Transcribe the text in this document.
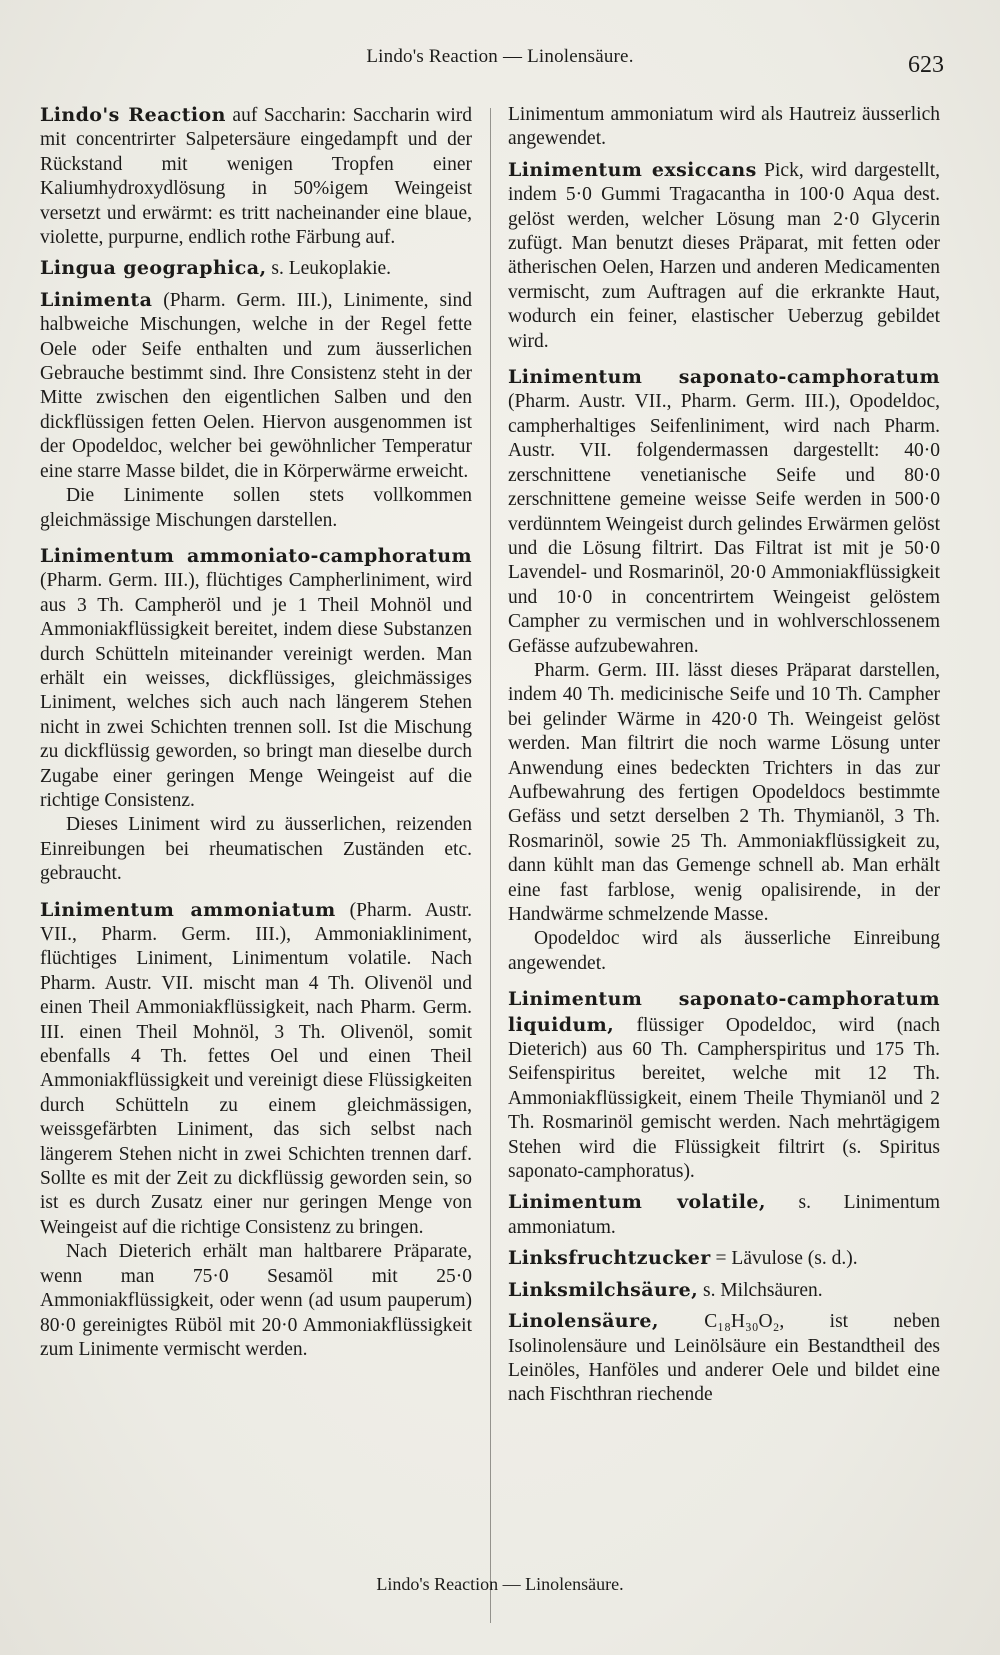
Lindo's Reaction — Linolensäure.	623

Lindo's Reaction auf Saccharin: Saccharin wird mit concentrirter Salpetersäure eingedampft und der Rückstand mit wenigen Tropfen einer Kaliumhydroxydlösung in 50%igem Weingeist versetzt und erwärmt: es tritt nacheinander eine blaue, violette, purpurne, endlich rothe Färbung auf.

Lingua geographica, s. Leukoplakie.

Linimenta (Pharm. Germ. III.), Linimente, sind halbweiche Mischungen, welche in der Regel fette Oele oder Seife enthalten und zum äusserlichen Gebrauche bestimmt sind. Ihre Consistenz steht in der Mitte zwischen den eigentlichen Salben und den dickflüssigen fetten Oelen. Hiervon ausgenommen ist der Opodeldoc, welcher bei gewöhnlicher Temperatur eine starre Masse bildet, die in Körperwärme erweicht.

Die Linimente sollen stets vollkommen gleichmässige Mischungen darstellen.

Linimentum ammoniato-camphoratum (Pharm. Germ. III.), flüchtiges Campherliniment, wird aus 3 Th. Campheröl und je 1 Theil Mohnöl und Ammoniakflüssigkeit bereitet, indem diese Substanzen durch Schütteln miteinander vereinigt werden. Man erhält ein weisses, dickflüssiges, gleichmässiges Liniment, welches sich auch nach längerem Stehen nicht in zwei Schichten trennen soll. Ist die Mischung zu dickflüssig geworden, so bringt man dieselbe durch Zugabe einer geringen Menge Weingeist auf die richtige Consistenz.

Dieses Liniment wird zu äusserlichen, reizenden Einreibungen bei rheumatischen Zuständen etc. gebraucht.

Linimentum ammoniatum (Pharm. Austr. VII., Pharm. Germ. III.), Ammoniakliniment, flüchtiges Liniment, Linimentum volatile. Nach Pharm. Austr. VII. mischt man 4 Th. Olivenöl und einen Theil Ammoniakflüssigkeit, nach Pharm. Germ. III. einen Theil Mohnöl, 3 Th. Olivenöl, somit ebenfalls 4 Th. fettes Oel und einen Theil Ammoniakflüssigkeit und vereinigt diese Flüssigkeiten durch Schütteln zu einem gleichmässigen, weissgefärbten Liniment, das sich selbst nach längerem Stehen nicht in zwei Schichten trennen darf. Sollte es mit der Zeit zu dickflüssig geworden sein, so ist es durch Zusatz einer nur geringen Menge von Weingeist auf die richtige Consistenz zu bringen.

Nach Dieterich erhält man haltbarere Präparate, wenn man 75·0 Sesamöl mit 25·0 Ammoniakflüssigkeit, oder wenn (ad usum pauperum) 80·0 gereinigtes Rüböl mit 20·0 Ammoniakflüssigkeit zum Linimente vermischt werden.

Linimentum ammoniatum wird als Hautreiz äusserlich angewendet.

Linimentum exsiccans Pick, wird dargestellt, indem 5·0 Gummi Tragacantha in 100·0 Aqua dest. gelöst werden, welcher Lösung man 2·0 Glycerin zufügt. Man benutzt dieses Präparat, mit fetten oder ätherischen Oelen, Harzen und anderen Medicamenten vermischt, zum Auftragen auf die erkrankte Haut, wodurch ein feiner, elastischer Ueberzug gebildet wird.

Linimentum saponato-camphoratum (Pharm. Austr. VII., Pharm. Germ. III.), Opodeldoc, campherhaltiges Seifenliniment, wird nach Pharm. Austr. VII. folgendermassen dargestellt: 40·0 zerschnittene venetianische Seife und 80·0 zerschnittene gemeine weisse Seife werden in 500·0 verdünntem Weingeist durch gelindes Erwärmen gelöst und die Lösung filtrirt. Das Filtrat ist mit je 50·0 Lavendel- und Rosmarinöl, 20·0 Ammoniakflüssigkeit und 10·0 in concentrirtem Weingeist gelöstem Campher zu vermischen und in wohlverschlossenem Gefässe aufzubewahren.

Pharm. Germ. III. lässt dieses Präparat darstellen, indem 40 Th. medicinische Seife und 10 Th. Campher bei gelinder Wärme in 420·0 Th. Weingeist gelöst werden. Man filtrirt die noch warme Lösung unter Anwendung eines bedeckten Trichters in das zur Aufbewahrung des fertigen Opodeldocs bestimmte Gefäss und setzt derselben 2 Th. Thymianöl, 3 Th. Rosmarinöl, sowie 25 Th. Ammoniakflüssigkeit zu, dann kühlt man das Gemenge schnell ab. Man erhält eine fast farblose, wenig opalisirende, in der Handwärme schmelzende Masse.

Opodeldoc wird als äusserliche Einreibung angewendet.

Linimentum saponato-camphoratum liquidum, flüssiger Opodeldoc, wird (nach Dieterich) aus 60 Th. Campherspiritus und 175 Th. Seifenspiritus bereitet, welche mit 12 Th. Ammoniakflüssigkeit, einem Theile Thymianöl und 2 Th. Rosmarinöl gemischt werden. Nach mehrtägigem Stehen wird die Flüssigkeit filtrirt (s. Spiritus saponato-camphoratus).

Linimentum volatile, s. Linimentum ammoniatum.

Linksfruchtzucker = Lävulose (s. d.).

Linksmilchsäure, s. Milchsäuren.

Linolensäure, C₁₈H₃₀O₂, ist neben Isolinolensäure und Leinölsäure ein Bestandtheil des Leinöles, Hanföles und anderer Oele und bildet eine nach Fischthran riechende

Lindo's Reaction — Linolensäure.
